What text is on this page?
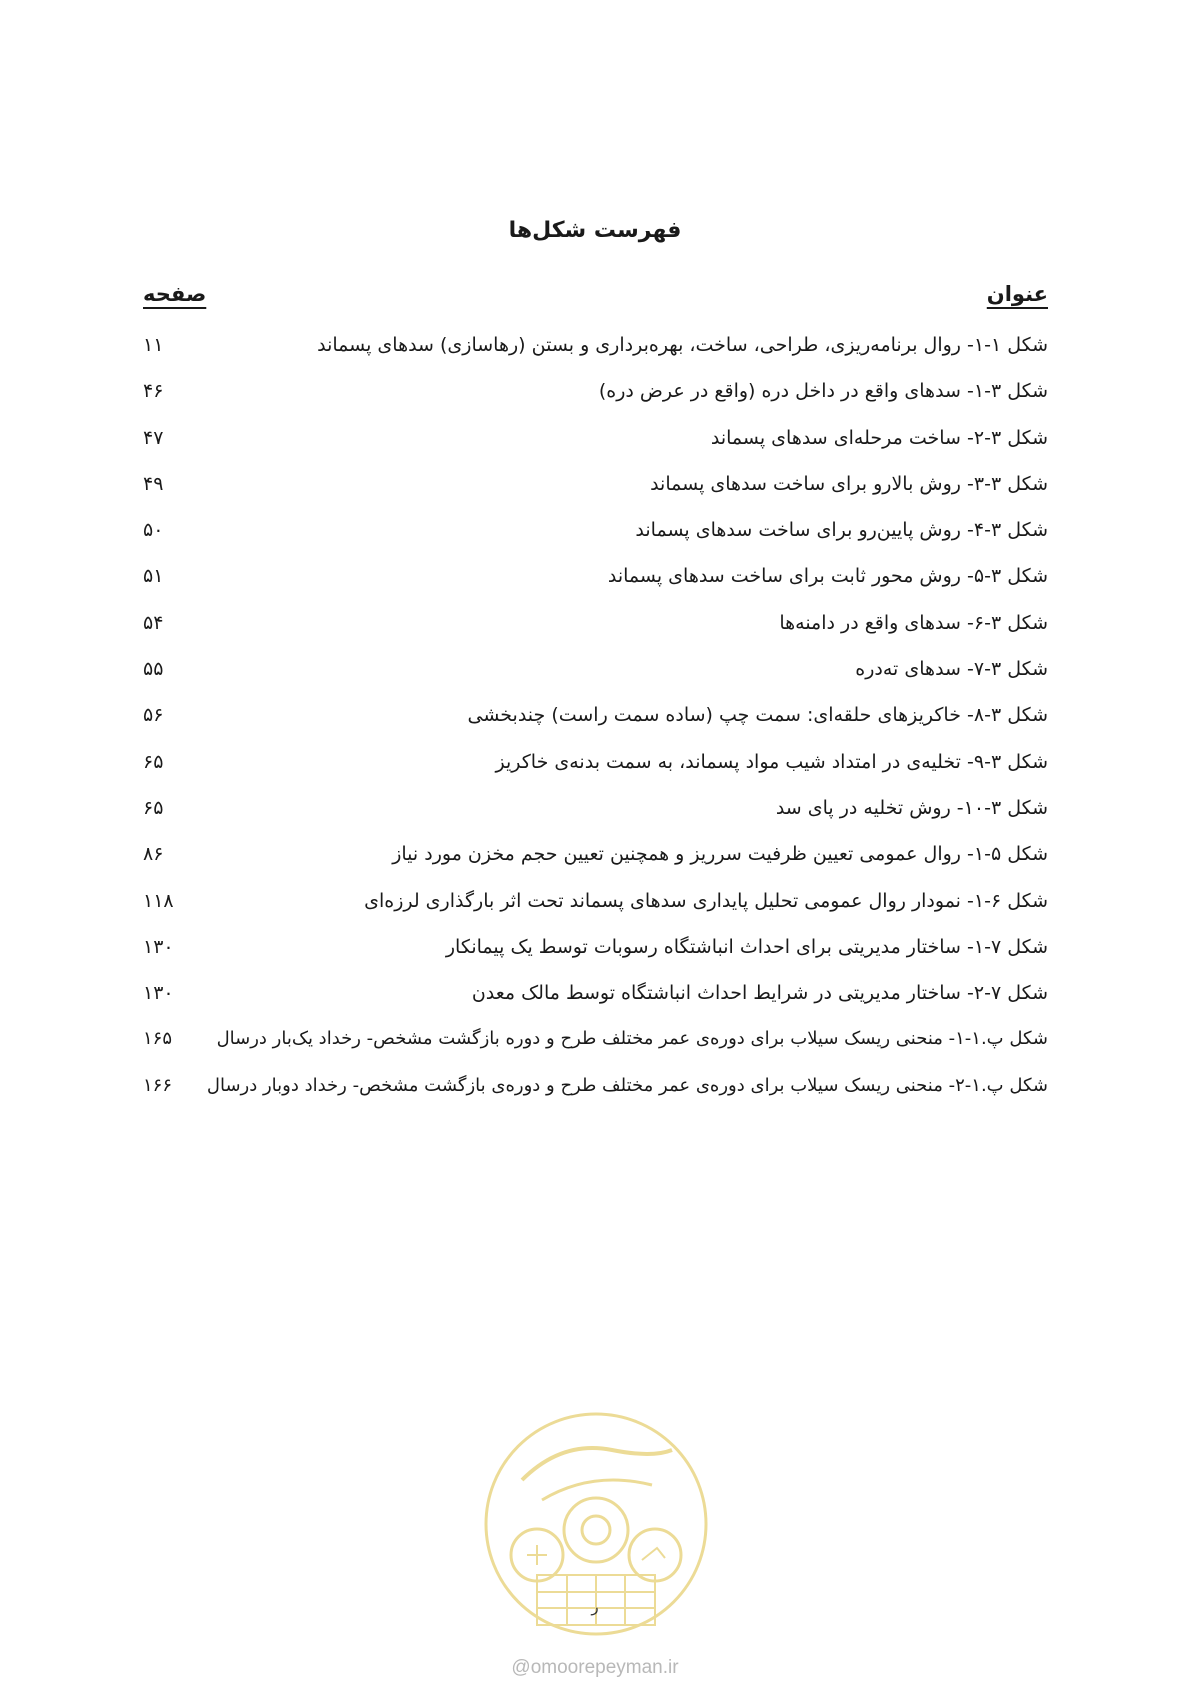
فهرست شکل‌ها
عنوان
صفحه
شکل ۱-۱- روال برنامه‌ریزی، طراحی، ساخت، بهره‌برداری و بستن (رهاسازی) سدهای پسماند
۱۱
شکل ۳-۱- سدهای واقع در داخل دره (واقع در عرض دره)
۴۶
شکل ۳-۲- ساخت مرحله‌ای سدهای پسماند
۴۷
شکل ۳-۳- روش بالارو برای ساخت سدهای پسماند
۴۹
شکل ۳-۴- روش پایین‌رو برای ساخت سدهای پسماند
۵۰
شکل ۳-۵- روش محور ثابت برای ساخت سدهای پسماند
۵۱
شکل ۳-۶- سدهای واقع در دامنه‌ها
۵۴
شکل ۳-۷- سدهای ته‌دره
۵۵
شکل ۳-۸- خاکریزهای حلقه‌ای: سمت چپ (ساده سمت راست) چندبخشی
۵۶
شکل ۳-۹- تخلیه‌ی در امتداد شیب مواد پسماند، به سمت بدنه‌ی خاکریز
۶۵
شکل ۳-۱۰- روش تخلیه در پای سد
۶۵
شکل ۵-۱- روال عمومی تعیین ظرفیت سرریز و همچنین تعیین حجم مخزن مورد نیاز
۸۶
شکل ۶-۱- نمودار روال عمومی تحلیل پایداری سدهای پسماند تحت اثر بارگذاری لرزه‌ای
۱۱۸
شکل ۷-۱- ساختار مدیریتی برای احداث انباشتگاه رسوبات توسط یک پیمانکار
۱۳۰
شکل ۷-۲- ساختار مدیریتی در شرایط احداث انباشتگاه توسط مالک معدن
۱۳۰
شکل پ.۱-۱- منحنی ریسک سیلاب برای دوره‌ی عمر مختلف طرح و دوره بازگشت مشخص- رخداد یک‌بار درسال
۱۶۵
شکل پ.۱-۲- منحنی ریسک سیلاب برای دوره‌ی عمر مختلف طرح و دوره‌ی بازگشت مشخص- رخداد دوبار درسال
۱۶۶
ر
@omoorepeyman.ir
